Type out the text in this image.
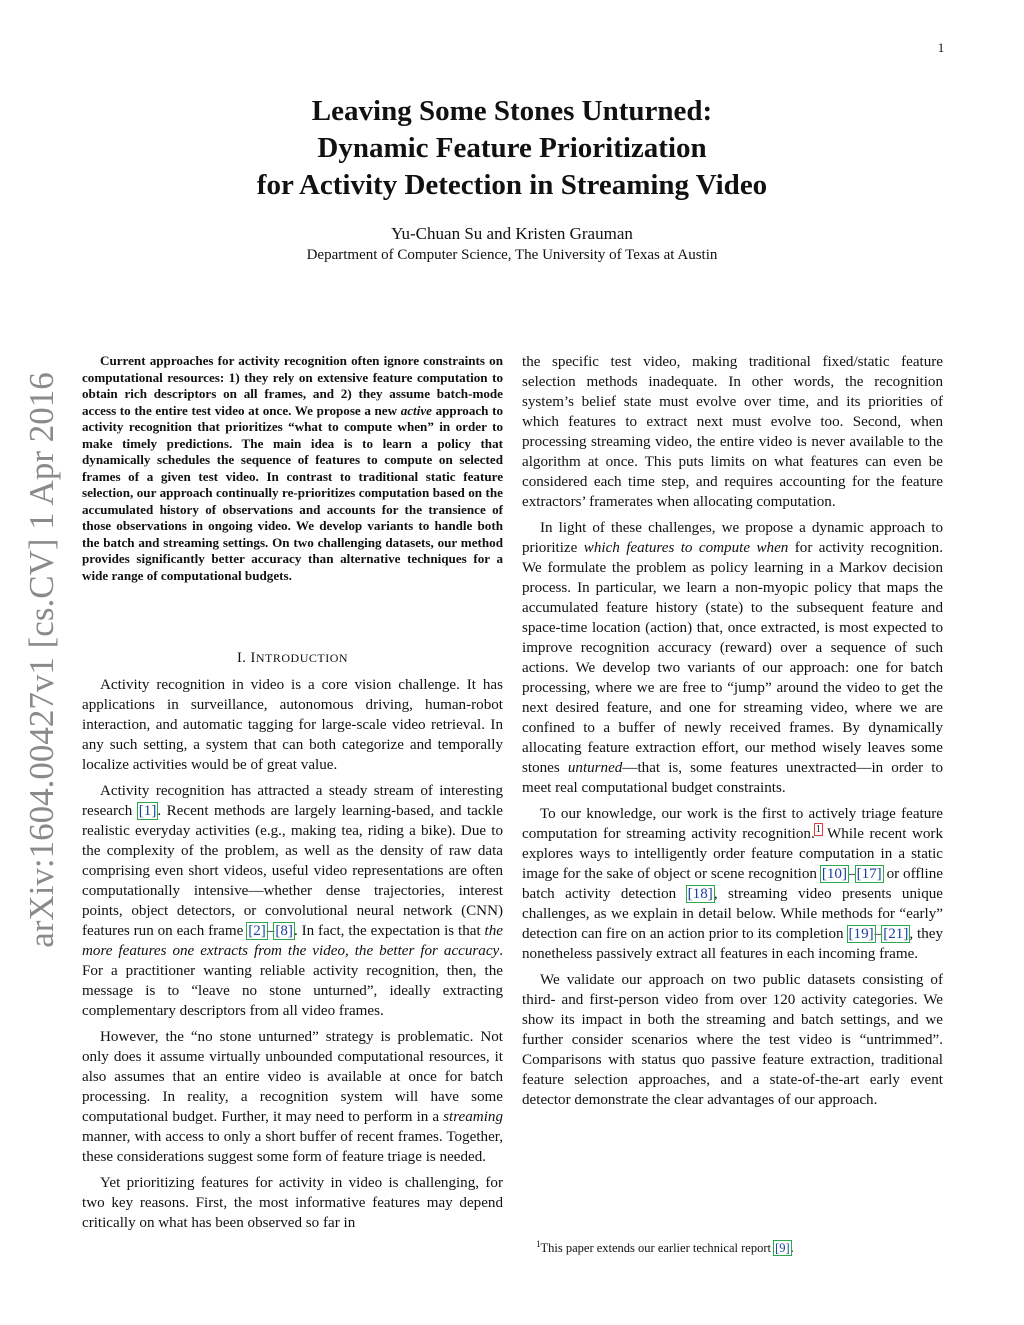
1
Leaving Some Stones Unturned:
Dynamic Feature Prioritization
for Activity Detection in Streaming Video
Yu-Chuan Su and Kristen Grauman
Department of Computer Science, The University of Texas at Austin
arXiv:1604.00427v1 [cs.CV] 1 Apr 2016

Current approaches for activity recognition often ignore constraints on computational resources: 1) they rely on extensive feature computation to obtain rich descriptors on all frames, and 2) they assume batch-mode access to the entire test video at once. We propose a new active approach to activity recognition that prioritizes “what to compute when” in order to make timely predictions. The main idea is to learn a policy that dynamically schedules the sequence of features to compute on selected frames of a given test video. In contrast to traditional static feature selection, our approach continually re-prioritizes computation based on the accumulated history of observations and accounts for the transience of those observations in ongoing video. We develop variants to handle both the batch and streaming settings. On two challenging datasets, our method provides significantly better accuracy than alternative techniques for a wide range of computational budgets.

I. INTRODUCTION

Activity recognition in video is a core vision challenge. It has applications in surveillance, autonomous driving, human-robot interaction, and automatic tagging for large-scale video retrieval. In any such setting, a system that can both categorize and temporally localize activities would be of great value.

Activity recognition has attracted a steady stream of interesting research [1]. Recent methods are largely learning-based, and tackle realistic everyday activities (e.g., making tea, riding a bike). Due to the complexity of the problem, as well as the density of raw data comprising even short videos, useful video representations are often computationally intensive—whether dense trajectories, interest points, object detectors, or convolutional neural network (CNN) features run on each frame [2]–[8]. In fact, the expectation is that the more features one extracts from the video, the better for accuracy. For a practitioner wanting reliable activity recognition, then, the message is to “leave no stone unturned”, ideally extracting complementary descriptors from all video frames.

However, the “no stone unturned” strategy is problematic. Not only does it assume virtually unbounded computational resources, it also assumes that an entire video is available at once for batch processing. In reality, a recognition system will have some computational budget. Further, it may need to perform in a streaming manner, with access to only a short buffer of recent frames. Together, these considerations suggest some form of feature triage is needed.

Yet prioritizing features for activity in video is challenging, for two key reasons. First, the most informative features may depend critically on what has been observed so far in

the specific test video, making traditional fixed/static feature selection methods inadequate. In other words, the recognition system’s belief state must evolve over time, and its priorities of which features to extract next must evolve too. Second, when processing streaming video, the entire video is never available to the algorithm at once. This puts limits on what features can even be considered each time step, and requires accounting for the feature extractors’ framerates when allocating computation.

In light of these challenges, we propose a dynamic approach to prioritize which features to compute when for activity recognition. We formulate the problem as policy learning in a Markov decision process. In particular, we learn a non-myopic policy that maps the accumulated feature history (state) to the subsequent feature and space-time location (action) that, once extracted, is most expected to improve recognition accuracy (reward) over a sequence of such actions. We develop two variants of our approach: one for batch processing, where we are free to “jump” around the video to get the next desired feature, and one for streaming video, where we are confined to a buffer of newly received frames. By dynamically allocating feature extraction effort, our method wisely leaves some stones unturned—that is, some features unextracted—in order to meet real computational budget constraints.

To our knowledge, our work is the first to actively triage feature computation for streaming activity recognition.$^1$ While recent work explores ways to intelligently order feature computation in a static image for the sake of object or scene recognition [10]–[17] or offline batch activity detection [18], streaming video presents unique challenges, as we explain in detail below. While methods for “early” detection can fire on an action prior to its completion [19]–[21], they nonetheless passively extract all features in each incoming frame.

We validate our approach on two public datasets consisting of third- and first-person video from over 120 activity categories. We show its impact in both the streaming and batch settings, and we further consider scenarios where the test video is “untrimmed”. Comparisons with status quo passive feature extraction, traditional feature selection approaches, and a state-of-the-art early event detector demonstrate the clear advantages of our approach.

$^1$This paper extends our earlier technical report [9].
